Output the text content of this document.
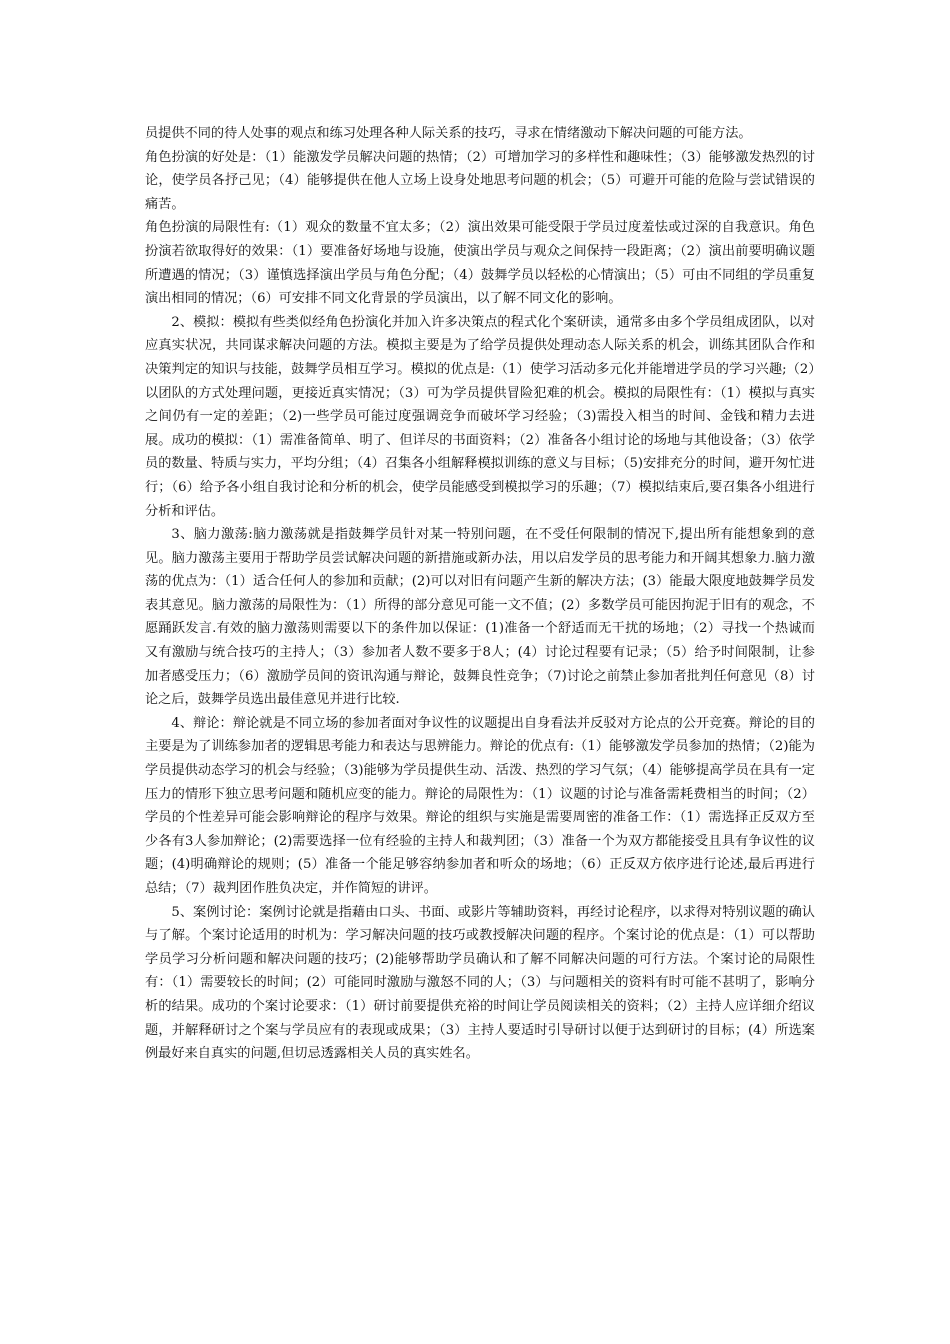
员提供不同的待人处事的观点和练习处理各种人际关系的技巧，寻求在情绪激动下解决问题的可能方法。

角色扮演的好处是：（1）能激发学员解决问题的热情；（2）可增加学习的多样性和趣味性；（3）能够激发热烈的讨论，使学员各抒己见；（4）能够提供在他人立场上设身处地思考问题的机会；（5）可避开可能的危险与尝试错误的痛苦。

角色扮演的局限性有:（1）观众的数量不宜太多；（2）演出效果可能受限于学员过度羞怯或过深的自我意识。角色扮演若欲取得好的效果：（1）要准备好场地与设施，使演出学员与观众之间保持一段距离；（2）演出前要明确议题所遭遇的情况；（3）谨慎选择演出学员与角色分配；（4）鼓舞学员以轻松的心情演出；（5）可由不同组的学员重复演出相同的情况；（6）可安排不同文化背景的学员演出，以了解不同文化的影响。

2、模拟：模拟有些类似经角色扮演化并加入许多决策点的程式化个案研读，通常多由多个学员组成团队，以对应真实状况，共同谋求解决问题的方法。模拟主要是为了给学员提供处理动态人际关系的机会，训练其团队合作和决策判定的知识与技能，鼓舞学员相互学习。模拟的优点是:（1）使学习活动多元化并能增进学员的学习兴趣;（2）以团队的方式处理问题，更接近真实情况；（3）可为学员提供冒险犯难的机会。模拟的局限性有：（1）模拟与真实之间仍有一定的差距；（2)一些学员可能过度强调竞争而破坏学习经验；（3)需投入相当的时间、金钱和精力去进展。成功的模拟：（1）需准备简单、明了、但详尽的书面资料；（2）准备各小组讨论的场地与其他设备；（3）依学员的数量、特质与实力，平均分组；（4）召集各小组解释模拟训练的意义与目标；（5)安排充分的时间，避开匆忙进行；（6）给予各小组自我讨论和分析的机会，使学员能感受到模拟学习的乐趣；（7）模拟结束后,要召集各小组进行分析和评估。

3、脑力激荡:脑力激荡就是指鼓舞学员针对某一特别问题，在不受任何限制的情况下,提出所有能想象到的意见。脑力激荡主要用于帮助学员尝试解决问题的新措施或新办法，用以启发学员的思考能力和开阔其想象力.脑力激荡的优点为：（1）适合任何人的参加和贡献；(2)可以对旧有问题产生新的解决方法；(3）能最大限度地鼓舞学员发表其意见。脑力激荡的局限性为：（1）所得的部分意见可能一文不值；(2）多数学员可能因拘泥于旧有的观念，不愿踊跃发言.有效的脑力激荡则需要以下的条件加以保证：(1)准备一个舒适而无干扰的场地；（2）寻找一个热诚而又有激励与统合技巧的主持人；（3）参加者人数不要多于8人；(4）讨论过程要有记录；（5）给予时间限制，让参加者感受压力；（6）激励学员间的资讯沟通与辩论，鼓舞良性竞争；（7)讨论之前禁止参加者批判任何意见（8）讨论之后，鼓舞学员选出最佳意见并进行比较.

4、辩论：辩论就是不同立场的参加者面对争议性的议题提出自身看法并反驳对方论点的公开竞赛。辩论的目的主要是为了训练参加者的逻辑思考能力和表达与思辨能力。辩论的优点有:（1）能够激发学员参加的热情；（2)能为学员提供动态学习的机会与经验；（3)能够为学员提供生动、活泼、热烈的学习气氛；（4）能够提高学员在具有一定压力的情形下独立思考问题和随机应变的能力。辩论的局限性为：（1）议题的讨论与准备需耗费相当的时间；（2）学员的个性差异可能会影响辩论的程序与效果。辩论的组织与实施是需要周密的准备工作：（1）需选择正反双方至少各有3人参加辩论；(2)需要选择一位有经验的主持人和裁判团；（3）准备一个为双方都能接受且具有争议性的议题；(4)明确辩论的规则；(5）准备一个能足够容纳参加者和听众的场地；（6）正反双方依序进行论述,最后再进行总结；（7）裁判团作胜负决定，并作简短的讲评。

5、案例讨论：案例讨论就是指藉由口头、书面、或影片等辅助资料，再经讨论程序，以求得对特别议题的确认与了解。个案讨论适用的时机为：学习解决问题的技巧或教授解决问题的程序。个案讨论的优点是：（1）可以帮助学员学习分析问题和解决问题的技巧；(2)能够帮助学员确认和了解不同解决问题的可行方法。个案讨论的局限性有：（1）需要较长的时间；(2）可能同时激励与激怒不同的人；（3）与问题相关的资料有时可能不甚明了，影响分析的结果。成功的个案讨论要求：（1）研讨前要提供充裕的时间让学员阅读相关的资料；（2）主持人应详细介绍议题，并解释研讨之个案与学员应有的表现或成果；（3）主持人要适时引导研讨以便于达到研讨的目标；(4）所选案例最好来自真实的问题,但切忌透露相关人员的真实姓名。
